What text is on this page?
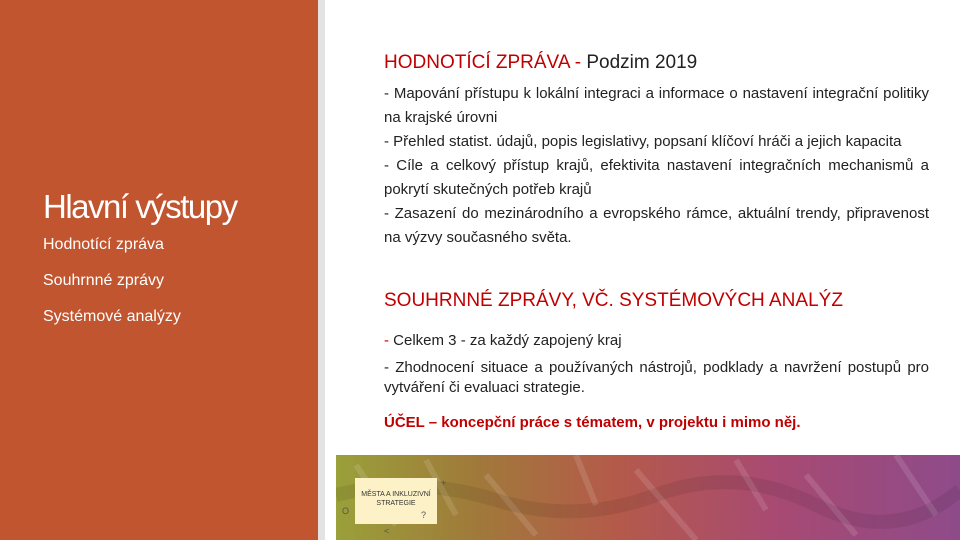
Hlavní výstupy
Hodnotící zpráva
Souhrnné zprávy
Systémové analýzy
HODNOTÍCÍ ZPRÁVA - Podzim 2019

- Mapování přístupu k lokální integraci a informace o nastavení integrační politiky na krajské úrovni

- Přehled statist. údajů, popis legislativy, popsaní klíčoví hráči a jejich kapacita

- Cíle a celkový přístup krajů, efektivita nastavení integračních mechanismů a pokrytí skutečných potřeb krajů

- Zasazení do mezinárodního a evropského rámce, aktuální trendy, připravenost na výzvy současného světa.

SOUHRNNÉ ZPRÁVY, VČ. SYSTÉMOVÝCH ANALÝZ
- Celkem 3 - za každý zapojený kraj
- Zhodnocení situace a používaných nástrojů, podklady a navržení postupů pro vytváření či evaluaci strategie.
ÚČEL – koncepční práce s tématem, v projektu i mimo něj.
MĚSTA A INKLUZIVNÍ
STRATEGIE
+
O	?
<
